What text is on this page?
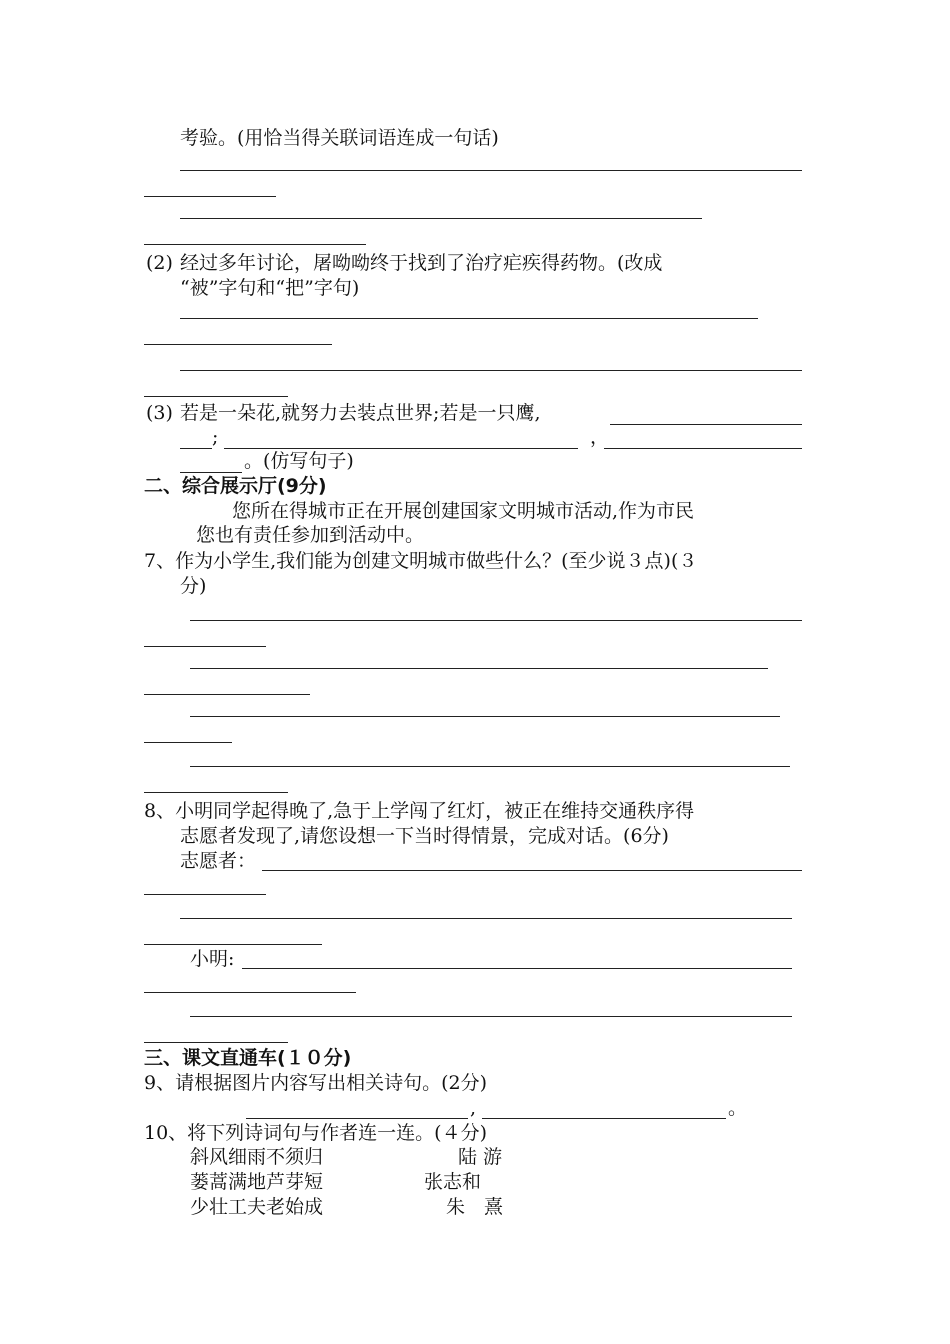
考验。(用恰当得关联词语连成一句话)
(2) 经过多年讨论，屠呦呦终于找到了治疗疟疾得药物。(改成
“被”字句和“把”字句)
(3) 若是一朵花,就努力去装点世界;若是一只鹰,
;	，
。(仿写句子)
二、综合展示厅(9分)
您所在得城市正在开展创建国家文明城市活动,作为市民
您也有责任参加到活动中。
7、作为小学生,我们能为创建文明城市做些什么？(至少说３点)(３
分)
8、小明同学起得晚了,急于上学闯了红灯，被正在维持交通秩序得
志愿者发现了,请您设想一下当时得情景，完成对话。(6分)
志愿者：
小明:
三、课文直通车(１０分)
9、请根据图片内容写出相关诗句。(2分)
,	。
10、将下列诗词句与作者连一连。(４分)
斜风细雨不须归	陆 游
蒌蒿满地芦芽短	张志和
少壮工夫老始成	朱　熹
